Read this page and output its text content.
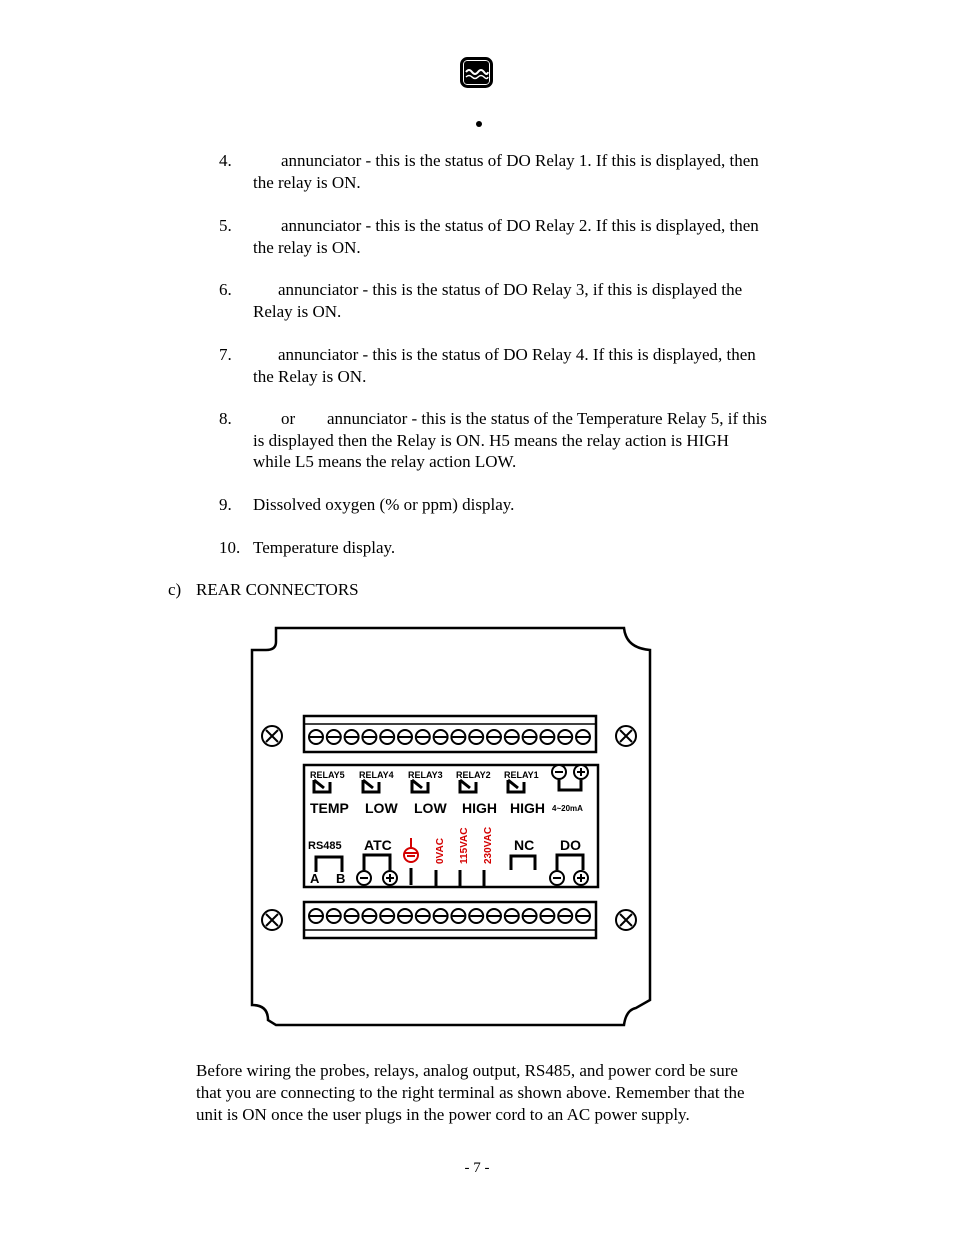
4.	annunciator - this is the status of DO Relay 1. If this is displayed, then
the relay is ON.
5.	annunciator - this is the status of DO Relay 2. If this is displayed, then
the relay is ON.
6.	annunciator - this is the status of DO Relay 3, if this is displayed the
Relay is ON.
7.	annunciator - this is the status of DO Relay 4. If this is displayed, then
the Relay is ON.
8.	or annunciator - this is the status of the Temperature Relay 5, if this
is displayed then the Relay is ON. H5 means the relay action is HIGH
while L5 means the relay action LOW.
9. Dissolved oxygen (% or ppm) display.
10. Temperature display.
c) REAR CONNECTORS
RELAY5 RELAY4 RELAY3 RELAY2 RELAY1
TEMP LOW LOW HIGH HIGH 4~20mA
RS485
A B
ATC	0VAC 115VAC 230VAC NC DO
Before wiring the probes, relays, analog output, RS485, and power cord be sure
that you are connecting to the right terminal as shown above. Remember that the
unit is ON once the user plugs in the power cord to an AC power supply.
- 7 -
